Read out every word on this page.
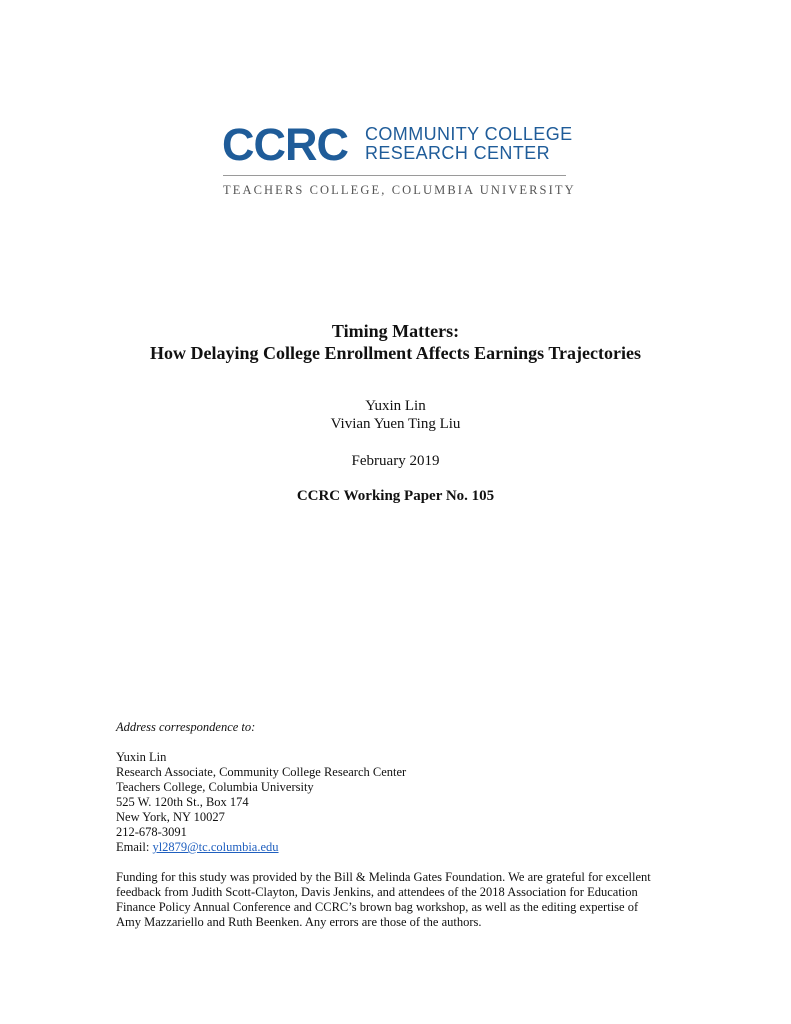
CCRC COMMUNITY COLLEGE
RESEARCH CENTER
TEACHERS COLLEGE, COLUMBIA UNIVERSITY
Timing Matters:
How Delaying College Enrollment Affects Earnings Trajectories
Yuxin Lin
Vivian Yuen Ting Liu
February 2019
CCRC Working Paper No. 105
Address correspondence to:
Yuxin Lin
Research Associate, Community College Research Center
Teachers College, Columbia University
525 W. 120th St., Box 174
New York, NY 10027
212-678-3091
Email: yl2879@tc.columbia.edu
Funding for this study was provided by the Bill & Melinda Gates Foundation. We are grateful for excellent
feedback from Judith Scott-Clayton, Davis Jenkins, and attendees of the 2018 Association for Education
Finance Policy Annual Conference and CCRC’s brown bag workshop, as well as the editing expertise of
Amy Mazzariello and Ruth Beenken. Any errors are those of the authors.
